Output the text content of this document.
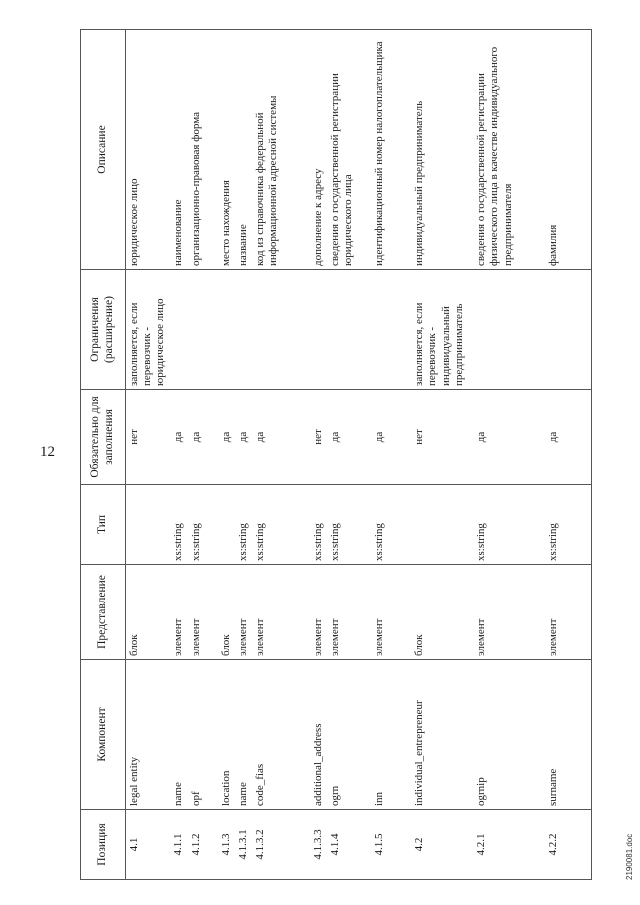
12
Позиция	Компонент	Представление	Тип	Обязательно для заполнения	Ограничения (расширение)	Описание
4.1	legal entity	блок		нет	заполняется, если перевозчик - юридическое лицо	юридическое лицо
4.1.1	name	элемент	xs:string	да		наименование
4.1.2	opf	элемент	xs:string	да		организационно-правовая форма
4.1.3	location	блок		да		место нахождения
4.1.3.1	name	элемент	xs:string	да		название
4.1.3.2	code_fias	элемент	xs:string	да		код из справочника федеральной информационной адресной системы
4.1.3.3	additional_address	элемент	xs:string	нет		дополнение к адресу
4.1.4	ogrn	элемент	xs:string	да		сведения о государственной регистрации юридического лица
4.1.5	inn	элемент	xs:string	да		идентификационный номер налогоплательщика
4.2	individual_entrepreneur	блок		нет	заполняется, если перевозчик - индивидуальный предприниматель	индивидуальный предприниматель
4.2.1	ogrnip	элемент	xs:string	да		сведения о государственной регистрации физического лица в качестве индивидуального предпринимателя
4.2.2	surname	элемент	xs:string	да		фамилия
2190081.doc
